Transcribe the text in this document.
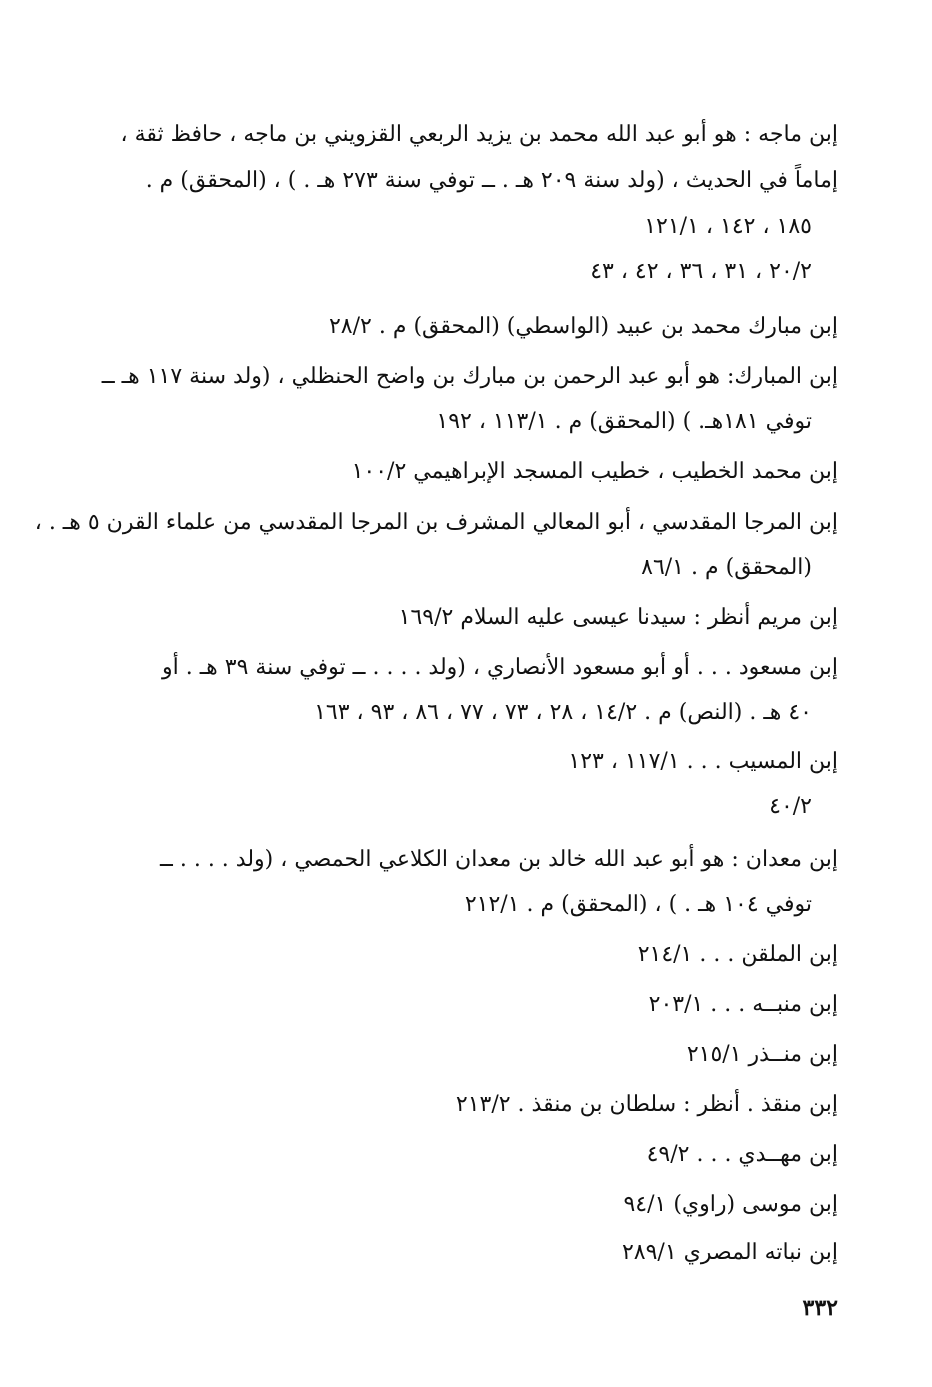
إبن ماجه : هو أبو عبد الله محمد بن يزيد الربعي القزويني بن ماجه ، حافظ ثقة ،
إماماً في الحديث ، (ولد سنة ٢٠٩ هـ . ــ توفي سنة ٢٧٣ هـ . ) ، (المحقق) م .
١٨٥ ، ١٤٢ ، ١٢١/١
٢٠/٢ ، ٣١ ، ٣٦ ، ٤٢ ، ٤٣
إبن مبارك محمد بن عبيد (الواسطي) (المحقق) م . ٢٨/٢
إبن المبارك: هو أبو عبد الرحمن بن مبارك بن واضح الحنظلي ، (ولد سنة ١١٧ هـ ــ
توفي ١٨١هـ. ) (المحقق) م . ١١٣/١ ، ١٩٢
إبن محمد الخطيب ، خطيب المسجد الإبراهيمي ١٠٠/٢
إبن المرجا المقدسي ، أبو المعالي المشرف بن المرجا المقدسي من علماء القرن ٥ هـ . ،
(المحقق) م . ٨٦/١
إبن مريم أنظر : سيدنا عيسى عليه السلام ١٦٩/٢
إبن مسعود . . . أو أبو مسعود الأنصاري ، (ولد . . . . ــ توفي سنة ٣٩ هـ . أو
٤٠ هـ . (النص) م . ١٤/٢ ، ٢٨ ، ٧٣ ، ٧٧ ، ٨٦ ، ٩٣ ، ١٦٣
إبن المسيب . . . ١١٧/١ ، ١٢٣
٤٠/٢
إبن معدان : هو أبو عبد الله خالد بن معدان الكلاعي الحمصي ، (ولد . . . . ــ
توفي ١٠٤ هـ . ) ، (المحقق) م . ٢١٢/١
إبن الملقن . . . ٢١٤/١
إبن منبــه . . . ٢٠٣/١
إبن منــذر ٢١٥/١
إبن منقذ . أنظر : سلطان بن منقذ . ٢١٣/٢
إبن مهــدي . . . ٤٩/٢
إبن موسى (راوي) ٩٤/١
إبن نباته المصري ٢٨٩/١
٣٣٢
